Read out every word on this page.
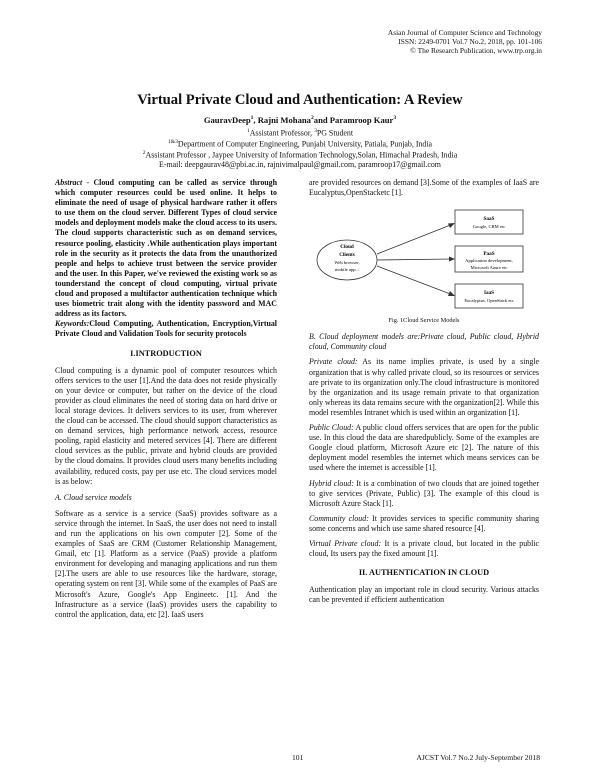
Asian Journal of Computer Science and Technology
ISSN: 2249-0701 Vol.7 No.2, 2018, pp. 101-106
© The Research Publication, www.trp.org.in
Virtual Private Cloud and Authentication: A Review
GauravDeep$^1$, Rajni Mohana$^2$and Paramroop Kaur$^3$
$^1$Assistant Professor, $^3$PG Student
$^{1\&3}$Department of Computer Engineering, Punjabi University, Patiala, Punjab, India
$^2$Assistant Professor , Jaypee University of Information Technology,Solan, Himachal Pradesh, India
E-mail: deepgaurav48@pbi.ac.in, rajnivimalpaul@gmail.com, paramroop17@gmail.com

Abstract - Cloud computing can be called as service through which computer resources could be used online. It helps to eliminate the need of usage of physical hardware rather it offers to use them on the cloud server. Different Types of cloud service models and deployment models make the cloud access to its users. The cloud supports characteristic such as on demand services, resource pooling, elasticity .While authentication plays important role in the security as it protects the data from the unauthorized people and helps to achieve trust between the service provider and the user. In this Paper, we've reviewed the existing work so as tounderstand the concept of cloud computing, virtual private cloud and proposed a multifactor authentication technique which uses biometric trait along with the identity password and MAC address as its factors.
Keywords:Cloud Computing, Authentication, Encryption,Virtual Private Cloud and Validation Tools for security protocols

I.INTRODUCTION

Cloud computing is a dynamic pool of computer resources which offers services to the user [1].And the data does not reside physically on your device or computer, but rather on the device of the cloud provider as cloud eliminates the need of storing data on hard drive or local storage devices. It delivers services to its user, from wherever the cloud can be accessed. The cloud should support characteristics as on demand services, high performance network access, resource pooling, rapid elasticity and metered services [4]. There are different cloud services as the public, private and hybrid clouds are provided by the cloud domains. It provides cloud users many benefits including availability, reduced costs, pay per use etc. The cloud services model is as below:

A. Cloud service models

Software as a service is a service (SaaS) provides software as a service through the internet. In SaaS, the user does not need to install and run the applications on his own computer [2]. Some of the examples of SaaS are CRM (Customer Relationship Management, Gmail, etc [1]. Platform as a service (PaaS) provide a platform environment for developing and managing applications and run them [2].The users are able to use resources like the hardware, storage, operating system on rent [3]. While some of the examples of PaaS are Microsoft's Azure, Google's App Engineetc. [1]. And the Infrastructure as a service (IaaS) provides users the capability to control the application, data, etc [2]. IaaS users

are provided resources on demand [3].Some of the examples of IaaS are Eucalyptus,OpenStacketc [1].

Cloud
Clients
Web browser,
mobile app...
SaaS
Google, CRM etc
PaaS
Application development,
Microsoft Azure etc
IaaS
Eucalyptus, OpenStack etc
Fig. 1Cloud Service Models

B. Cloud deployment models are:Private cloud, Public cloud, Hybrid cloud, Community cloud

Private cloud: As its name implies private, is used by a single organization that is why called private cloud, so its resources or services are private to its organization only.The cloud infrastructure is monitored by the organization and its usage remain private to that organization only whereas its data remains secure with the organization[2]. While this model resembles Intranet which is used within an organization [1].

Public Cloud: A public cloud offers services that are open for the public use. In this cloud the data are sharedpublicly. Some of the examples are Google cloud platform, Microsoft Azure etc [2]. The nature of this deployment model resembles the internet which means services can be used where the internet is accessible [1].

Hybrid cloud: It is a combination of two clouds that are joined together to give services (Private, Public) [3]. The example of this cloud is Microsoft Azure Stack [1].

Community cloud: It provides services to specific community sharing some concerns and which use same shared resource [4].

Virtual Private cloud: It is a private cloud, but located in the public cloud, Its users pay the fixed amount [1].

II. AUTHENTICATION IN CLOUD

Authentication play an important role in cloud security. Various attacks can be prevented if efficient authentication

101	AJCST Vol.7 No.2 July-September 2018
